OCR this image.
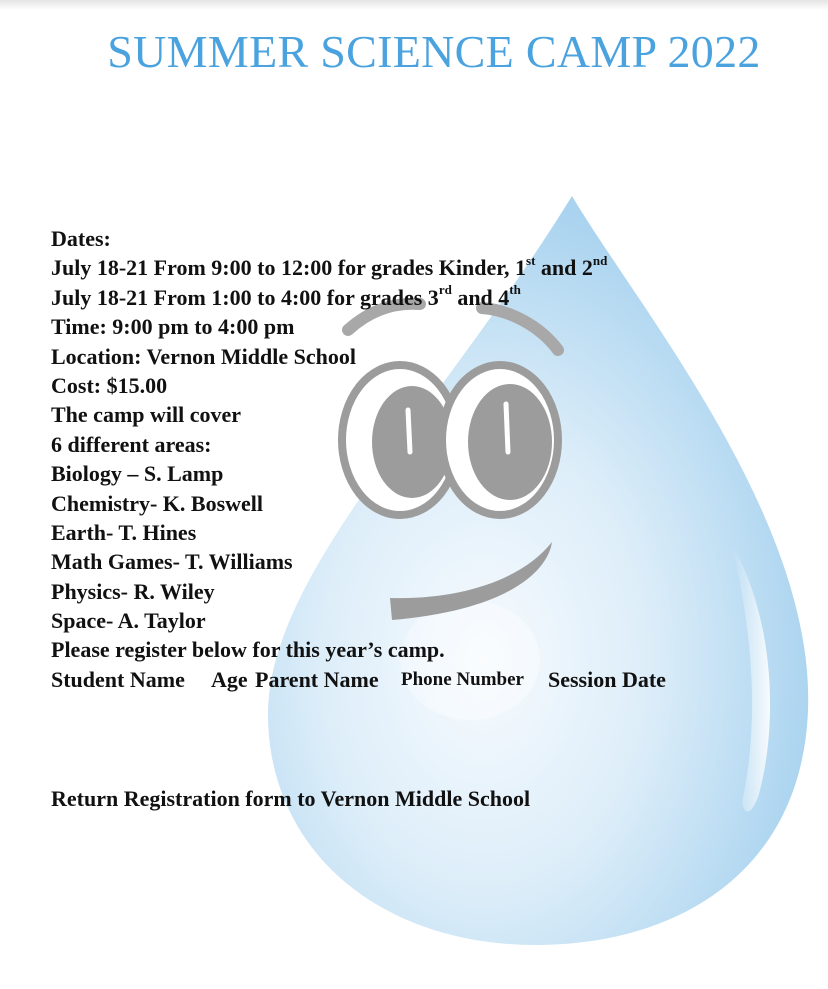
SUMMER SCIENCE CAMP 2022
Dates:
July 18-21 From 9:00 to 12:00 for grades Kinder, 1st and 2nd
July 18-21 From 1:00 to 4:00 for grades 3rd and 4th
Time: 9:00 pm to 4:00 pm
Location: Vernon Middle School
Cost: $15.00
The camp will cover
6 different areas:
Biology – S. Lamp
Chemistry- K. Boswell
Earth- T. Hines
Math Games- T. Williams
Physics- R. Wiley
Space- A. Taylor
Please register below for this year’s camp.
Student Name Age Parent Name Phone Number Session Date
Return Registration form to Vernon Middle School
